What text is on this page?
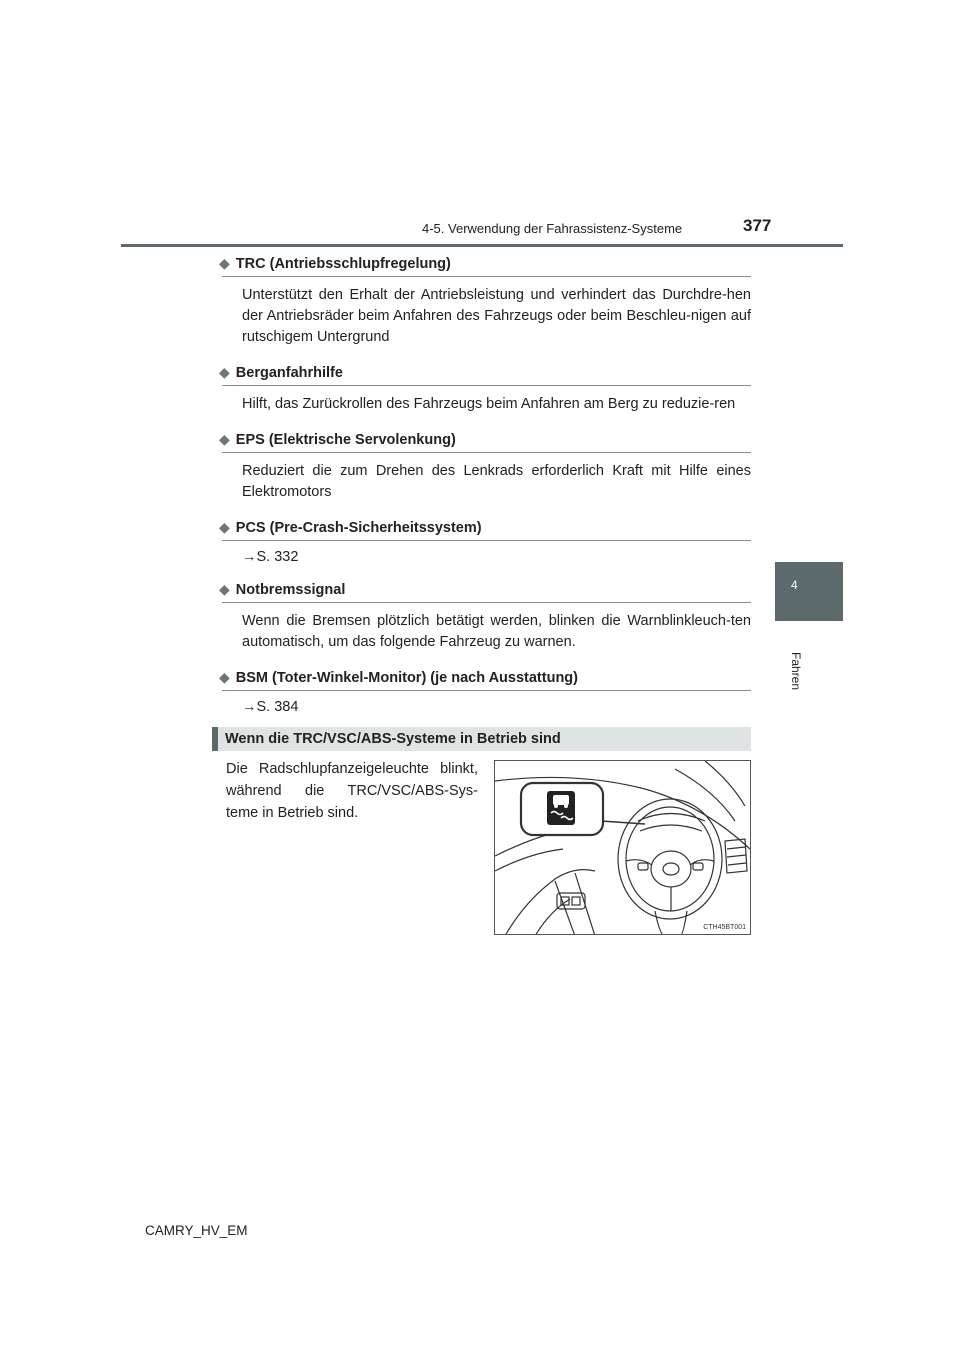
4-5. Verwendung der Fahrassistenz-Systeme	377
4
Fahren
◆ TRC (Antriebsschlupfregelung)
Unterstützt den Erhalt der Antriebsleistung und verhindert das Durchdre-hen der Antriebsräder beim Anfahren des Fahrzeugs oder beim Beschleu-nigen auf rutschigem Untergrund
◆ Berganfahrhilfe
Hilft, das Zurückrollen des Fahrzeugs beim Anfahren am Berg zu reduzie-ren
◆ EPS (Elektrische Servolenkung)
Reduziert die zum Drehen des Lenkrads erforderlich Kraft mit Hilfe eines Elektromotors
◆ PCS (Pre-Crash-Sicherheitssystem)
→S. 332
◆ Notbremssignal
Wenn die Bremsen plötzlich betätigt werden, blinken die Warnblinkleuch-ten automatisch, um das folgende Fahrzeug zu warnen.
◆ BSM (Toter-Winkel-Monitor) (je nach Ausstattung)
→S. 384
Wenn die TRC/VSC/ABS-Systeme in Betrieb sind
Die Radschlupfanzeigeleuchte blinkt,
während die TRC/VSC/ABS-Sys-
teme in Betrieb sind.
CTH45BT001
CAMRY_HV_EM
